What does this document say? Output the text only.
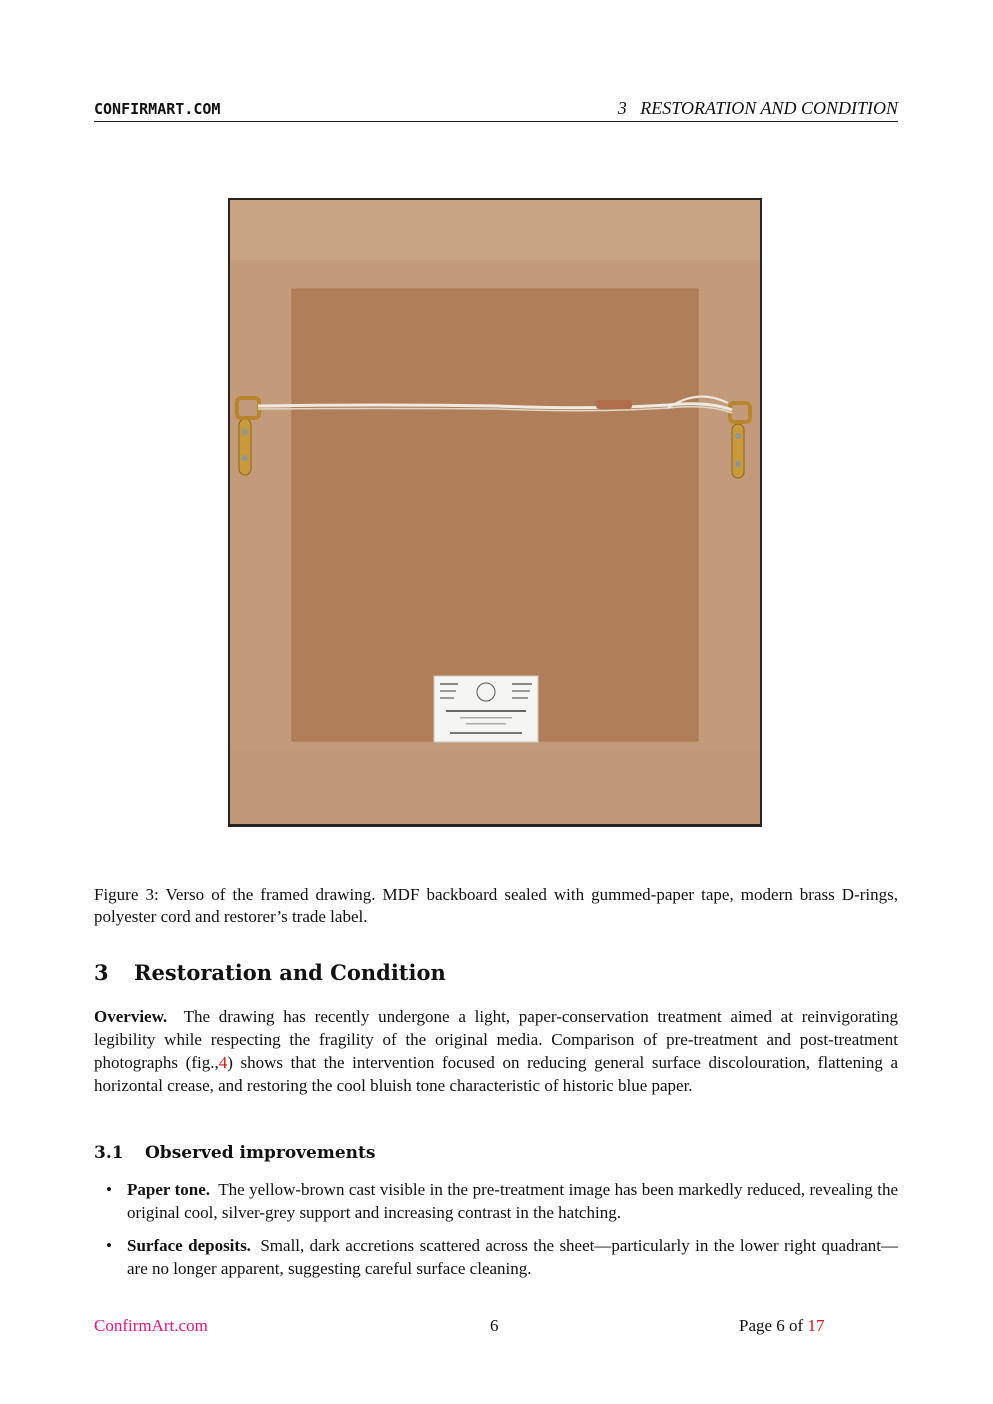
CONFIRMART.COM	3   RESTORATION AND CONDITION
Figure 3: Verso of the framed drawing. MDF backboard sealed with gummed-paper tape, modern brass D-rings, polyester cord and restorer’s trade label.
3 Restoration and Condition
Overview. The drawing has recently undergone a light, paper-conservation treatment aimed at reinvigorating legibility while respecting the fragility of the original media. Comparison of pre-treatment and post-treatment photographs (fig.,4) shows that the intervention focused on reducing general surface discolouration, flattening a horizontal crease, and restoring the cool bluish tone characteristic of historic blue paper.
3.1 Observed improvements
• Paper tone. The yellow-brown cast visible in the pre-treatment image has been markedly reduced, revealing the original cool, silver-grey support and increasing contrast in the hatching.
• Surface deposits. Small, dark accretions scattered across the sheet—particularly in the lower right quadrant—are no longer apparent, suggesting careful surface cleaning.
ConfirmArt.com	6	Page 6 of 17
